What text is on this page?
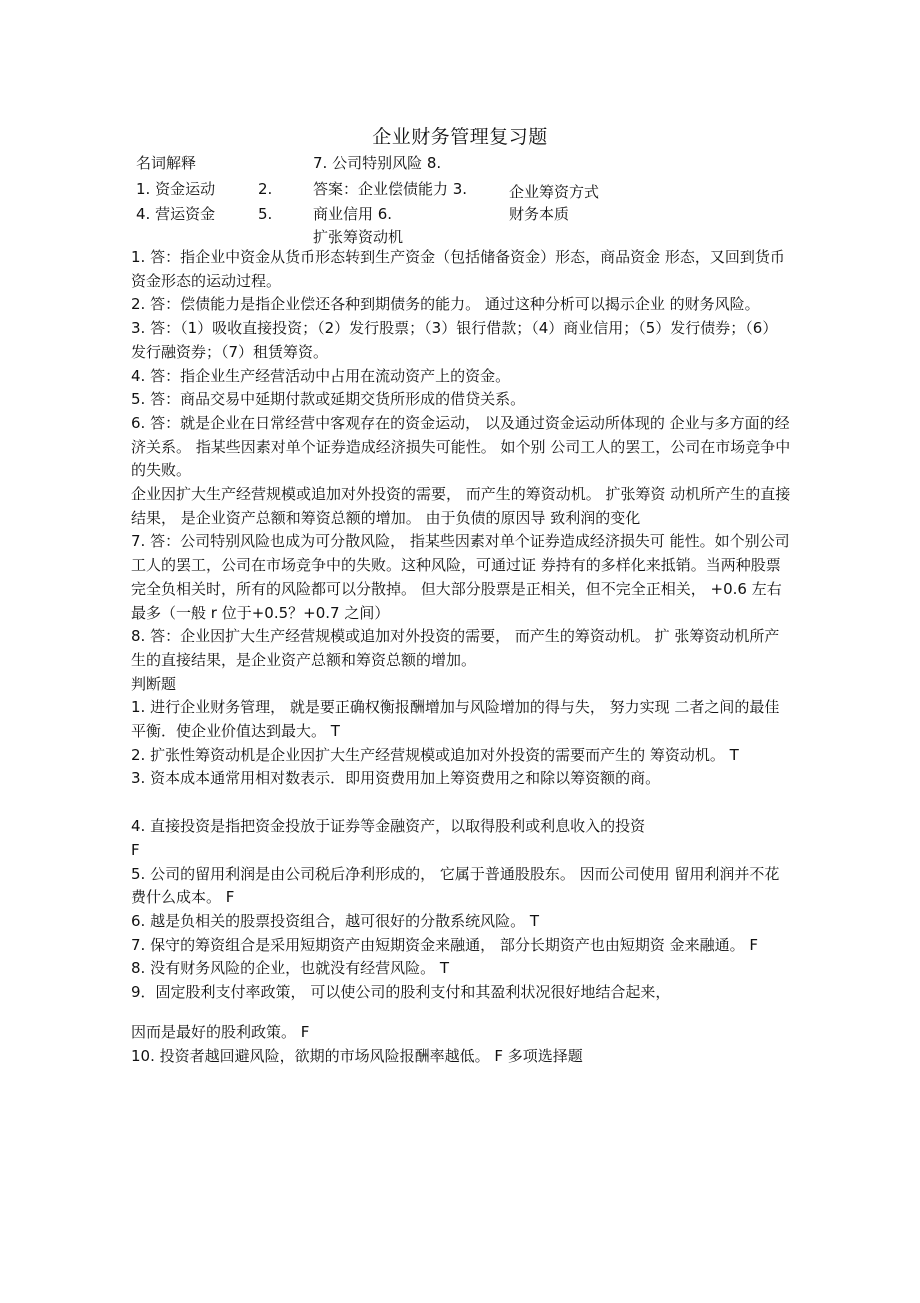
企业财务管理复习题
名词解释	7. 公司特别风险 8.
1. 资金运动	2.	答案：企业偿债能力 3.	企业筹资方式
4. 营运资金	5.	商业信用 6.	财务本质
扩张筹资动机

1. 答：指企业中资金从货币形态转到生产资金（包括储备资金）形态，商品资金 形态，又回到货币资金形态的运动过程。

2. 答：偿债能力是指企业偿还各种到期债务的能力。 通过这种分析可以揭示企业 的财务风险。

3. 答：（1）吸收直接投资；（2）发行股票；（3）银行借款；（4）商业信用；（5）发行债券；（6）发行融资券；（7）租赁筹资。

4. 答：指企业生产经营活动中占用在流动资产上的资金。

5. 答：商品交易中延期付款或延期交货所形成的借贷关系。

6. 答：就是企业在日常经营中客观存在的资金运动， 以及通过资金运动所体现的 企业与多方面的经济关系。 指某些因素对单个证券造成经济损失可能性。 如个别 公司工人的罢工，公司在市场竞争中的失败。

企业因扩大生产经营规模或追加对外投资的需要， 而产生的筹资动机。 扩张筹资 动机所产生的直接结果， 是企业资产总额和筹资总额的增加。 由于负债的原因导 致利润的变化

7. 答：公司特别风险也成为可分散风险， 指某些因素对单个证券造成经济损失可 能性。如个别公司工人的罢工，公司在市场竞争中的失败。这种风险，可通过证 券持有的多样化来抵销。当两种股票完全负相关时，所有的风险都可以分散掉。 但大部分股票是正相关，但不完全正相关， +0.6 左右最多（一般 r 位于+0.5？+0.7 之间）

8. 答：企业因扩大生产经营规模或追加对外投资的需要， 而产生的筹资动机。 扩 张筹资动机所产生的直接结果，是企业资产总额和筹资总额的增加。

判断题

1. 进行企业财务管理， 就是要正确权衡报酬增加与风险增加的得与失， 努力实现 二者之间的最佳平衡．使企业价值达到最大。 T

2. 扩张性筹资动机是企业因扩大生产经营规模或追加对外投资的需要而产生的 筹资动机。 T

3. 资本成本通常用相对数表示．即用资费用加上筹资费用之和除以筹资额的商。

4. 直接投资是指把资金投放于证券等金融资产，以取得股利或利息收入的投资

F

5. 公司的留用利润是由公司税后净利形成的， 它属于普通股股东。 因而公司使用 留用利润并不花费什么成本。 F

6. 越是负相关的股票投资组合，越可很好的分散系统风险。 T

7. 保守的筹资组合是采用短期资产由短期资金来融通， 部分长期资产也由短期资 金来融通。 F

8. 没有财务风险的企业，也就没有经营风险。 T

9．固定股利支付率政策， 可以使公司的股利支付和其盈利状况很好地结合起来，

因而是最好的股利政策。 F

10. 投资者越回避风险，欲期的市场风险报酬率越低。 F 多项选择题
